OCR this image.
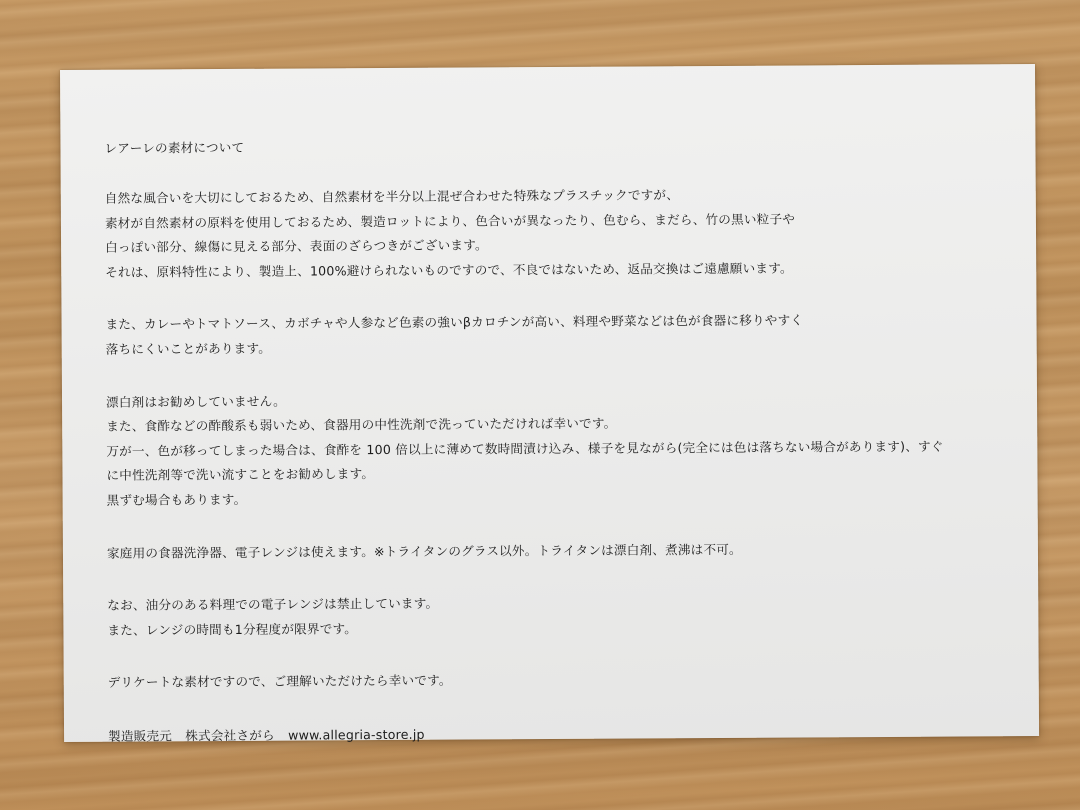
レアーレの素材について
自然な風合いを大切にしておるため、自然素材を半分以上混ぜ合わせた特殊なプラスチックですが、
素材が自然素材の原料を使用しておるため、製造ロットにより、色合いが異なったり、色むら、まだら、竹の黒い粒子や
白っぽい部分、線傷に見える部分、表面のざらつきがございます。
それは、原料特性により、製造上、100%避けられないものですので、不良ではないため、返品交換はご遠慮願います。
また、カレーやトマトソース、カボチャや人参など色素の強いβカロチンが高い、料理や野菜などは色が食器に移りやすく
落ちにくいことがあります。
漂白剤はお勧めしていません。
また、食酢などの酢酸系も弱いため、食器用の中性洗剤で洗っていただければ幸いです。
万が一、色が移ってしまった場合は、食酢を 100 倍以上に薄めて数時間漬け込み、様子を見ながら(完全には色は落ちない場合があります)、すぐ
に中性洗剤等で洗い流すことをお勧めします。
黒ずむ場合もあります。
家庭用の食器洗浄器、電子レンジは使えます。※トライタンのグラス以外。トライタンは漂白剤、煮沸は不可。
なお、油分のある料理での電子レンジは禁止しています。
また、レンジの時間も1分程度が限界です。
デリケートな素材ですので、ご理解いただけたら幸いです。

製造販売元 株式会社さがら www.allegria-store.jp
